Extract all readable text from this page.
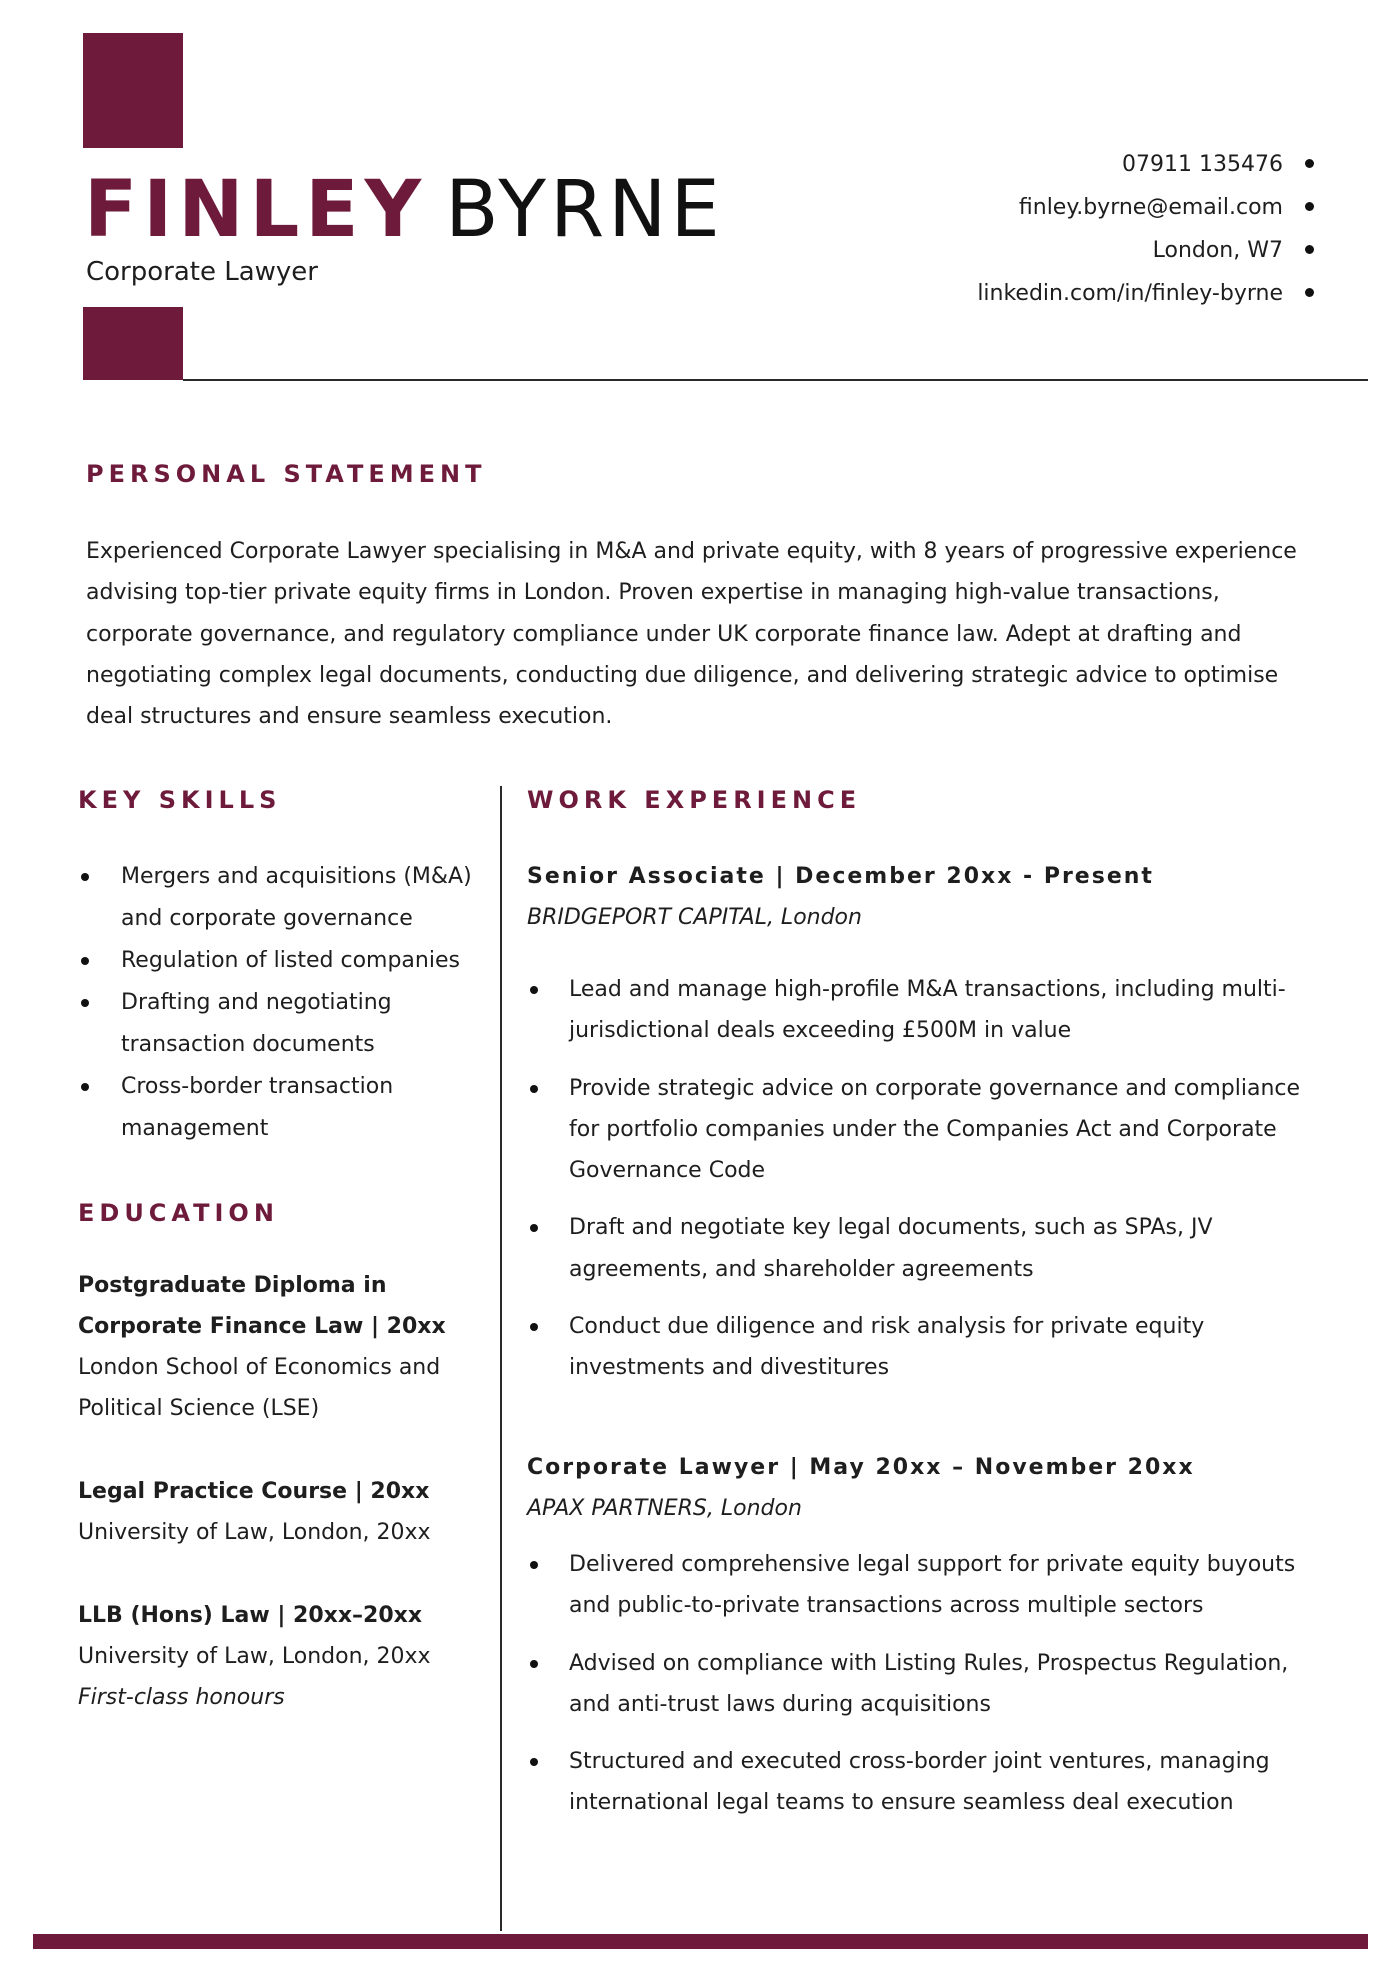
FINLEY BYRNE
Corporate Lawyer
07911 135476
finley.byrne@email.com
London, W7
linkedin.com/in/finley-byrne
PERSONAL STATEMENT

Experienced Corporate Lawyer specialising in M&A and private equity, with 8 years of progressive experience advising top-tier private equity firms in London. Proven expertise in managing high-value transactions, corporate governance, and regulatory compliance under UK corporate finance law. Adept at drafting and negotiating complex legal documents, conducting due diligence, and delivering strategic advice to optimise deal structures and ensure seamless execution.

KEY SKILLS
Mergers and acquisitions (M&A) and corporate governance
Regulation of listed companies
Drafting and negotiating transaction documents
Cross-border transaction management
EDUCATION
Postgraduate Diploma in Corporate Finance Law | 20xx
London School of Economics and Political Science (LSE)
Legal Practice Course | 20xx
University of Law, London, 20xx
LLB (Hons) Law | 20xx–20xx
University of Law, London, 20xx
First-class honours
WORK EXPERIENCE
Senior Associate | December 20xx - Present
BRIDGEPORT CAPITAL, London
Lead and manage high-profile M&A transactions, including multi-jurisdictional deals exceeding £500M in value
Provide strategic advice on corporate governance and compliance for portfolio companies under the Companies Act and Corporate Governance Code
Draft and negotiate key legal documents, such as SPAs, JV agreements, and shareholder agreements
Conduct due diligence and risk analysis for private equity investments and divestitures
Corporate Lawyer | May 20xx – November 20xx
APAX PARTNERS, London
Delivered comprehensive legal support for private equity buyouts and public-to-private transactions across multiple sectors
Advised on compliance with Listing Rules, Prospectus Regulation, and anti-trust laws during acquisitions
Structured and executed cross-border joint ventures, managing international legal teams to ensure seamless deal execution
